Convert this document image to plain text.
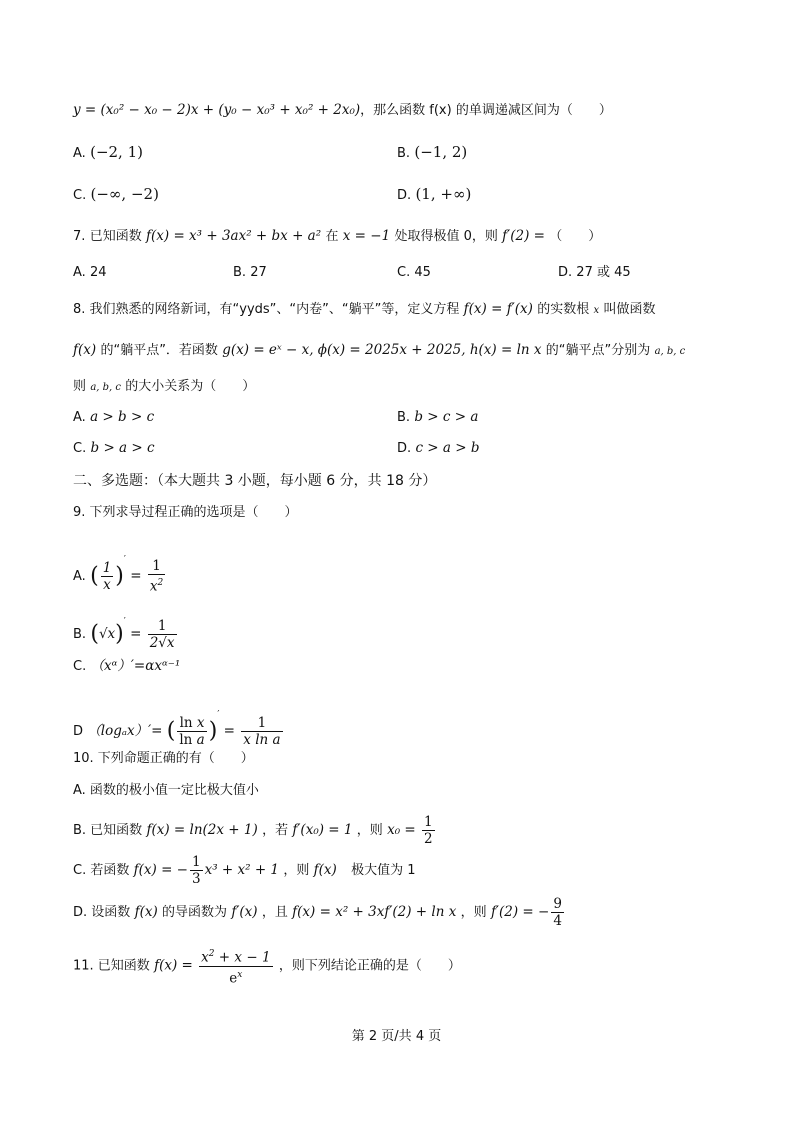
y = (x₀² − x₀ − 2)x + (y₀ − x₀³ + x₀² + 2x₀)，那么函数 f(x) 的单调递减区间为（　　）
A. (−2, 1)	B. (−1, 2)
C. (−∞, −2)	D. (1, +∞)
7. 已知函数 f(x) = x³ + 3ax² + bx + a² 在 x = −1 处取得极值 0，则 f′(2) = （　　）
A. 24	B. 27	C. 45	D. 27 或 45
8. 我们熟悉的网络新词，有“yyds”、“内卷”、“躺平”等，定义方程 f(x) = f′(x) 的实数根 x 叫做函数
f(x) 的“躺平点”．若函数 g(x) = eˣ − x, ϕ(x) = 2025x + 2025, h(x) = ln x 的“躺平点”分别为 a, b, c
则 a, b, c 的大小关系为（　　）
A. a > b > c	B. b > c > a
C. b > a > c	D. c > a > b
二、多选题：（本大题共 3 小题，每小题 6 分，共 18 分）
9. 下列求导过程正确的选项是（　　）
A. ( $\frac{1}{x} )' = \frac{1}{x^2}$
B. $(√x)' = \frac{1}{2√x}$
C. （xᵅ）′=αxᵅ⁻¹
D （logₐx）′= ( $\frac{\text{ln x}}{\text{ln a}} )' = \frac{1}{\text{x ln a}}$
10. 下列命题正确的有（　　）
A. 函数的极小值一定比极大值小
B. 已知函数 f(x) = ln(2x + 1) ，若 f′(x₀) = 1 ，则 $x_0 = \frac{1}{2}$
C. 若函数 f(x) = − $\frac{1}{3} x^3 + x^2 + 1$ ，则 f(x) 极大值为 1
D. 设函数 f(x) 的导函数为 f′(x) ，且 f(x) = x² + 3xf′(2) + ln x ，则 f′(2) = − $\frac{9}{4}$
11. 已知函数 $f(x) = \frac{x^2 + x - 1}{e^x}$ ，则下列结论正确的是（　　）
第 2 页/共 4 页
